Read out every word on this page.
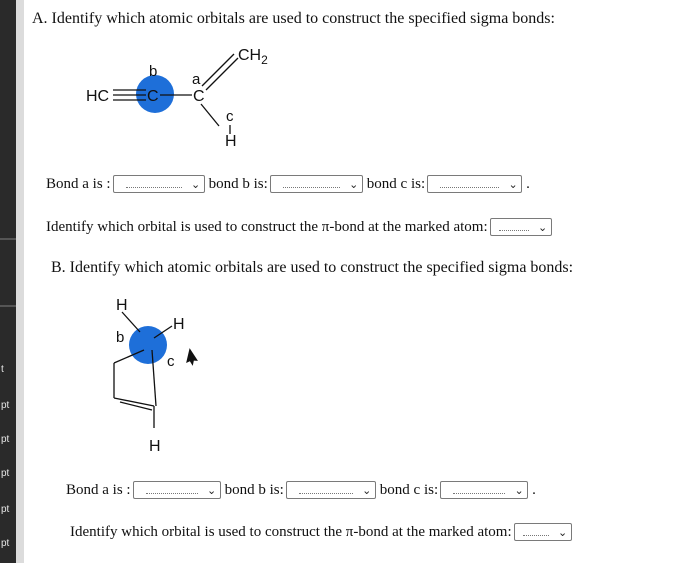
t
pt
pt
pt
pt
pt
A. Identify which atomic orbitals are used to construct the specified sigma bonds:
HC C C
$CH_2$
H
a
b
c
Bond a is :	⌄ bond b is:	⌄ bond c is:	⌄ .
Identify which orbital is used to construct the π-bond at the marked atom:	⌄
B. Identify which atomic orbitals are used to construct the specified sigma bonds:
H
H
H
a
b
c
Bond a is :	⌄ bond b is:	⌄ bond c is:	⌄ .
Identify which orbital is used to construct the π-bond at the marked atom:	⌄
